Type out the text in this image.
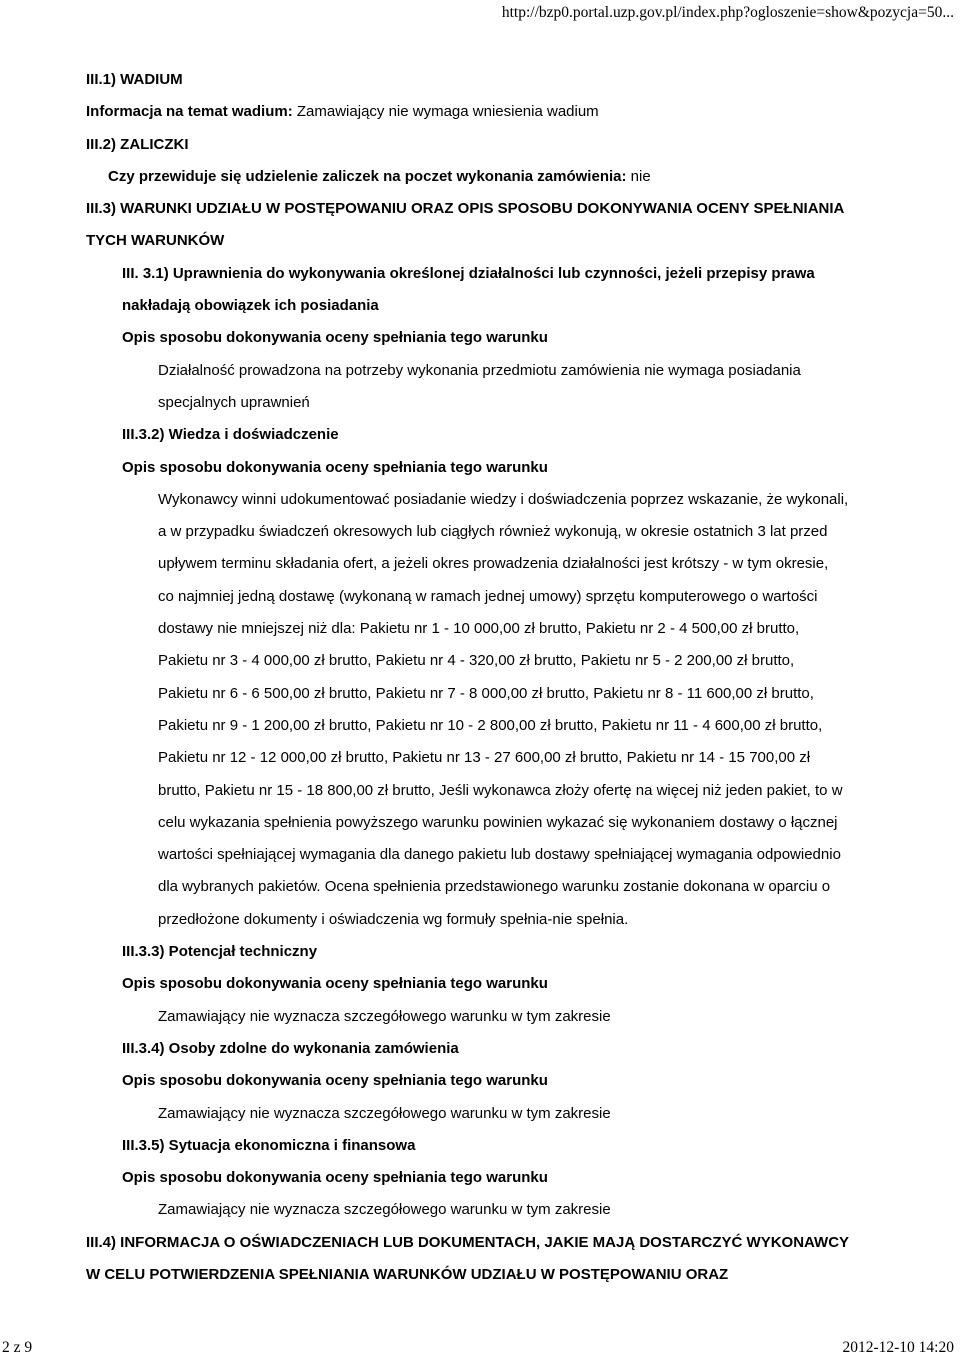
http://bzp0.portal.uzp.gov.pl/index.php?ogloszenie=show&pozycja=50...
III.1) WADIUM
Informacja na temat wadium: Zamawiający nie wymaga wniesienia wadium
III.2) ZALICZKI
Czy przewiduje się udzielenie zaliczek na poczet wykonania zamówienia: nie
III.3) WARUNKI UDZIAŁU W POSTĘPOWANIU ORAZ OPIS SPOSOBU DOKONYWANIA OCENY SPEŁNIANIA
TYCH WARUNKÓW
III. 3.1) Uprawnienia do wykonywania określonej działalności lub czynności, jeżeli przepisy prawa
nakładają obowiązek ich posiadania
Opis sposobu dokonywania oceny spełniania tego warunku
Działalność prowadzona na potrzeby wykonania przedmiotu zamówienia nie wymaga posiadania
specjalnych uprawnień
III.3.2) Wiedza i doświadczenie
Opis sposobu dokonywania oceny spełniania tego warunku
Wykonawcy winni udokumentować posiadanie wiedzy i doświadczenia poprzez wskazanie, że wykonali,
a w przypadku świadczeń okresowych lub ciągłych również wykonują, w okresie ostatnich 3 lat przed
upływem terminu składania ofert, a jeżeli okres prowadzenia działalności jest krótszy - w tym okresie,
co najmniej jedną dostawę (wykonaną w ramach jednej umowy) sprzętu komputerowego o wartości
dostawy nie mniejszej niż dla: Pakietu nr 1 - 10 000,00 zł brutto, Pakietu nr 2 - 4 500,00 zł brutto,
Pakietu nr 3 - 4 000,00 zł brutto, Pakietu nr 4 - 320,00 zł brutto, Pakietu nr 5 - 2 200,00 zł brutto,
Pakietu nr 6 - 6 500,00 zł brutto, Pakietu nr 7 - 8 000,00 zł brutto, Pakietu nr 8 - 11 600,00 zł brutto,
Pakietu nr 9 - 1 200,00 zł brutto, Pakietu nr 10 - 2 800,00 zł brutto, Pakietu nr 11 - 4 600,00 zł brutto,
Pakietu nr 12 - 12 000,00 zł brutto, Pakietu nr 13 - 27 600,00 zł brutto, Pakietu nr 14 - 15 700,00 zł
brutto, Pakietu nr 15 - 18 800,00 zł brutto, Jeśli wykonawca złoży ofertę na więcej niż jeden pakiet, to w
celu wykazania spełnienia powyższego warunku powinien wykazać się wykonaniem dostawy o łącznej
wartości spełniającej wymagania dla danego pakietu lub dostawy spełniającej wymagania odpowiednio
dla wybranych pakietów. Ocena spełnienia przedstawionego warunku zostanie dokonana w oparciu o
przedłożone dokumenty i oświadczenia wg formuły spełnia-nie spełnia.
III.3.3) Potencjał techniczny
Opis sposobu dokonywania oceny spełniania tego warunku
Zamawiający nie wyznacza szczegółowego warunku w tym zakresie
III.3.4) Osoby zdolne do wykonania zamówienia
Opis sposobu dokonywania oceny spełniania tego warunku
Zamawiający nie wyznacza szczegółowego warunku w tym zakresie
III.3.5) Sytuacja ekonomiczna i finansowa
Opis sposobu dokonywania oceny spełniania tego warunku
Zamawiający nie wyznacza szczegółowego warunku w tym zakresie
III.4) INFORMACJA O OŚWIADCZENIACH LUB DOKUMENTACH, JAKIE MAJĄ DOSTARCZYĆ WYKONAWCY
W CELU POTWIERDZENIA SPEŁNIANIA WARUNKÓW UDZIAŁU W POSTĘPOWANIU ORAZ
2 z 9	2012-12-10 14:20
